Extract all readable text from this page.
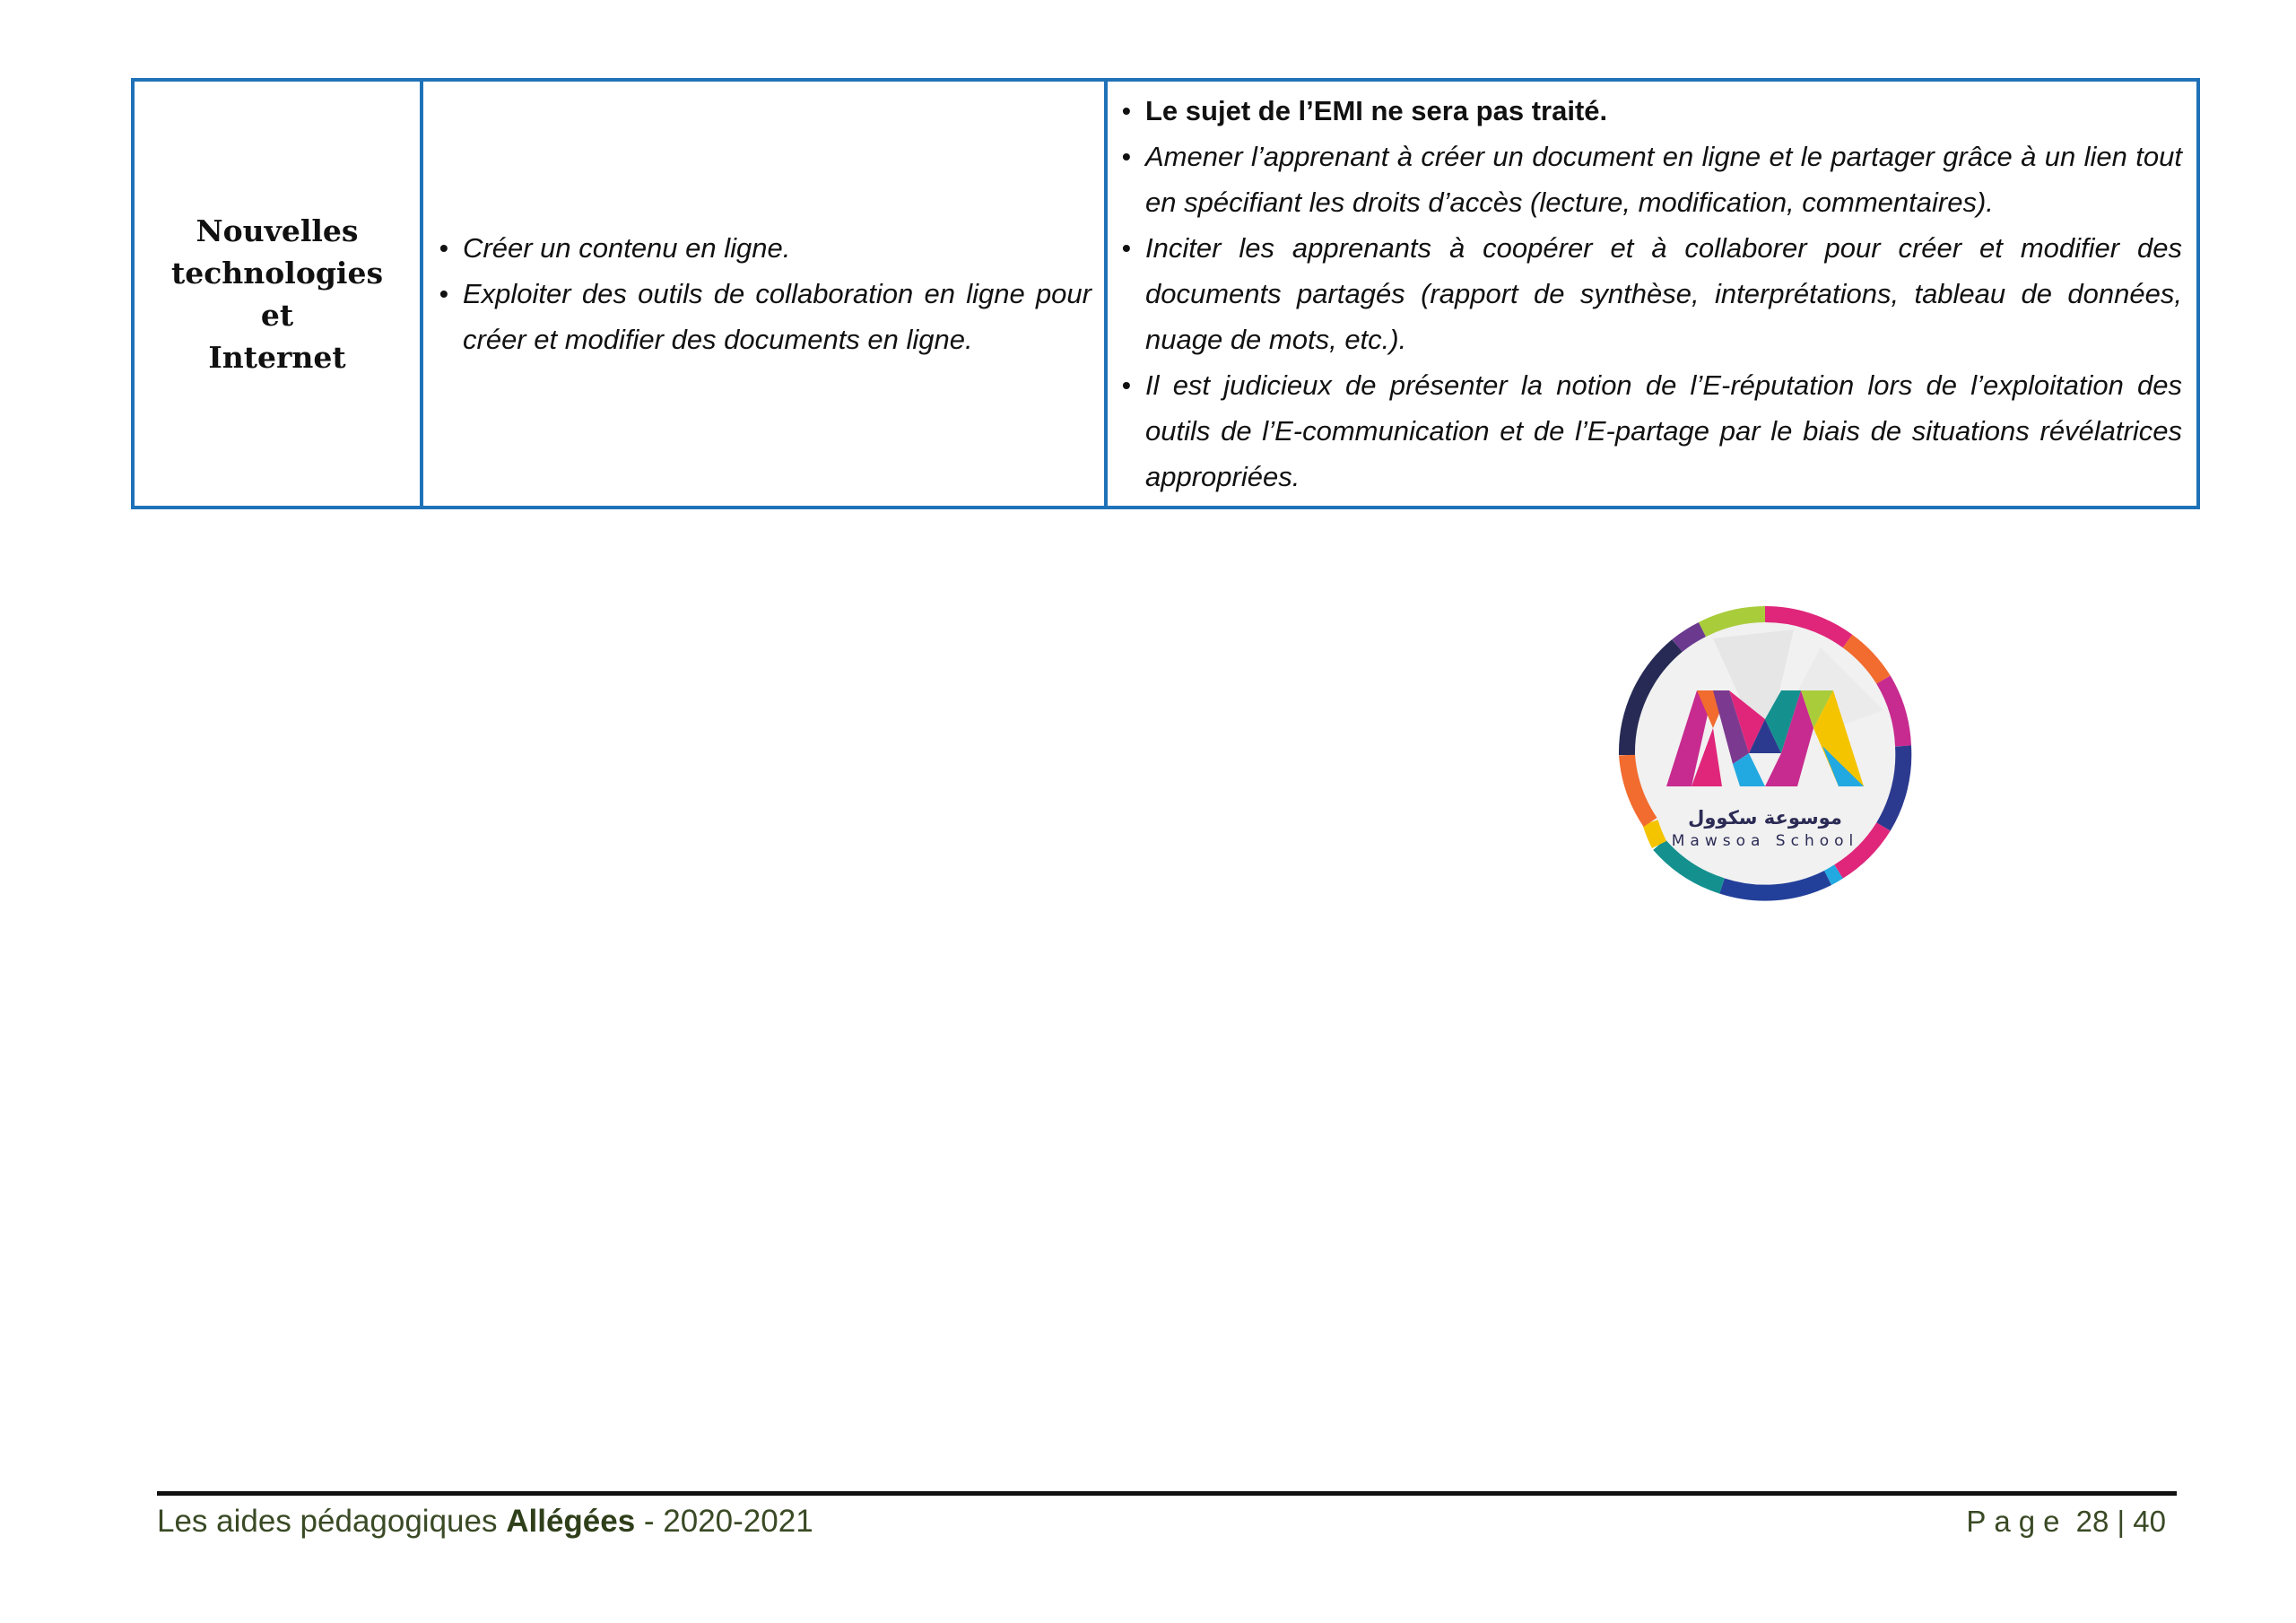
Nouvelles
technologies et
Internet
• Créer un contenu en ligne.
• Exploiter des outils de collaboration en ligne pour créer et modifier des documents en ligne.
• Le sujet de l’EMI ne sera pas traité.
• Amener l’apprenant à créer un document en ligne et le partager grâce à un lien tout en spécifiant les droits d’accès (lecture, modification, commentaires).
• Inciter les apprenants à coopérer et à collaborer pour créer et modifier des documents partagés (rapport de synthèse, interprétations, tableau de données, nuage de mots, etc.).
• Il est judicieux de présenter la notion de l’E-réputation lors de l’exploitation des outils de l’E-communication et de l’E-partage par le biais de situations révélatrices appropriées.
موسوعة سكوول
Mawsoa School
Les aides pédagogiques Allégées - 2020-2021	Page 28 | 40
